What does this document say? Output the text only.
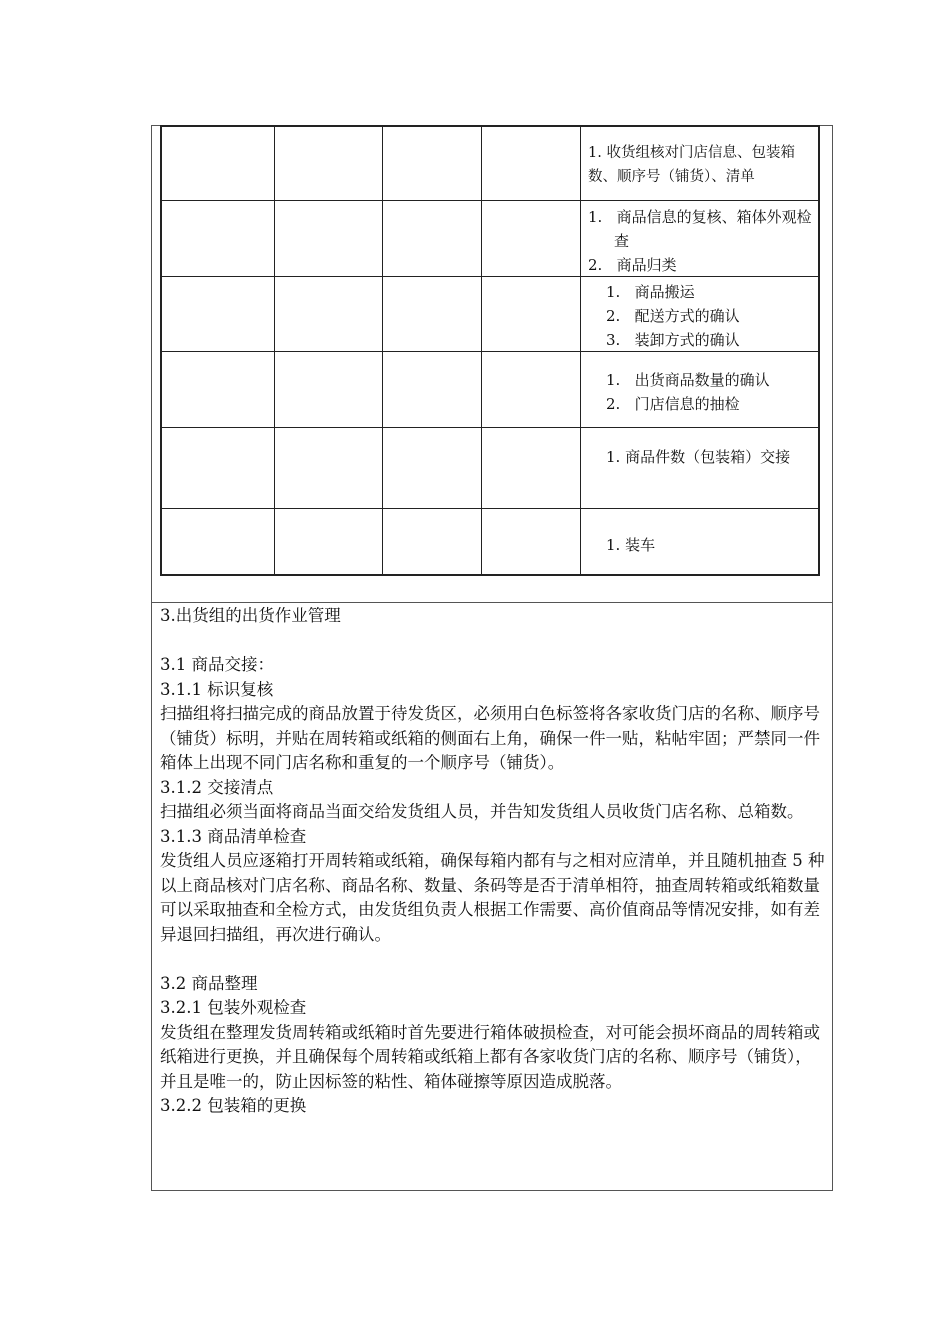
1. 收货组核对门店信息、包装箱数、顺序号（铺货）、清单
1.   商品信息的复核、箱体外观检查
2.   商品归类
1.   商品搬运
2.   配送方式的确认
3.   装卸方式的确认
1.   出货商品数量的确认
2.   门店信息的抽检
1. 商品件数（包装箱）交接
1. 装车

3.出货组的出货作业管理

3.1 商品交接：

3.1.1 标识复核

扫描组将扫描完成的商品放置于待发货区，必须用白色标签将各家收货门店的名称、顺序号（铺货）标明，并贴在周转箱或纸箱的侧面右上角，确保一件一贴，粘帖牢固；严禁同一件箱体上出现不同门店名称和重复的一个顺序号（铺货）。

3.1.2 交接清点

扫描组必须当面将商品当面交给发货组人员，并告知发货组人员收货门店名称、总箱数。

3.1.3 商品清单检查

发货组人员应逐箱打开周转箱或纸箱，确保每箱内都有与之相对应清单，并且随机抽查 5 种以上商品核对门店名称、商品名称、数量、条码等是否于清单相符，抽查周转箱或纸箱数量可以采取抽查和全检方式，由发货组负责人根据工作需要、高价值商品等情况安排，如有差异退回扫描组，再次进行确认。

3.2 商品整理

3.2.1 包装外观检查

发货组在整理发货周转箱或纸箱时首先要进行箱体破损检查，对可能会损坏商品的周转箱或纸箱进行更换，并且确保每个周转箱或纸箱上都有各家收货门店的名称、顺序号（铺货），并且是唯一的，防止因标签的粘性、箱体碰擦等原因造成脱落。

3.2.2 包装箱的更换
